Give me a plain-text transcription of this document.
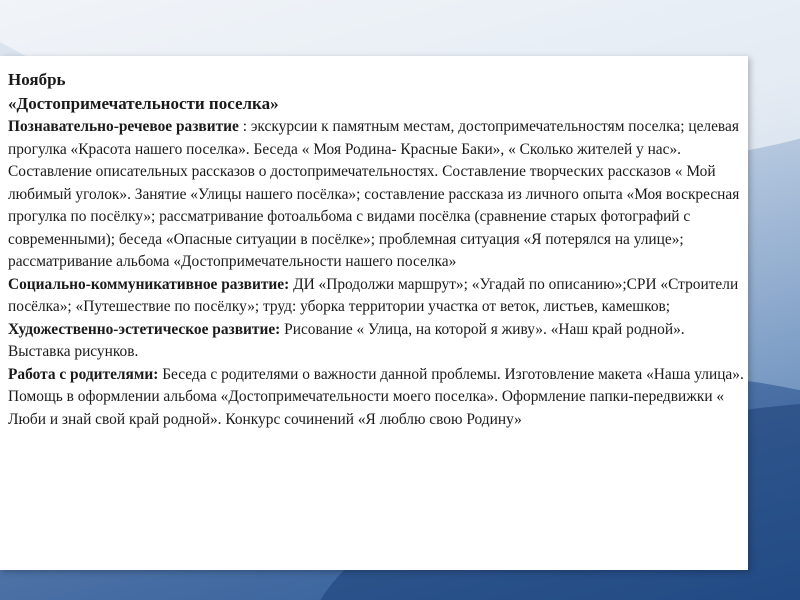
Ноябрь

«Достопримечательности поселка»

Познавательно-речевое развитие : экскурсии к памятным местам, достопримечательностям поселка; целевая прогулка «Красота нашего поселка». Беседа « Моя Родина- Красные Баки», « Сколько жителей у нас». Составление описательных рассказов о достопримечательностях. Составление творческих рассказов « Мой любимый уголок». Занятие «Улицы нашего посёлка»; составление рассказа из личного опыта «Моя воскресная прогулка по посёлку»; рассматривание фотоальбома с видами посёлка (сравнение старых фотографий с современными); беседа «Опасные ситуации в посёлке»; проблемная ситуация «Я потерялся на улице»; рассматривание альбома «Достопримечательности нашего поселка»

Социально-коммуникативное развитие: ДИ «Продолжи маршрут»; «Угадай по описанию»;СРИ «Строители посёлка»; «Путешествие по посёлку»; труд: уборка территории участка от веток, листьев, камешков;

Художественно-эстетическое развитие: Рисование « Улица, на которой я живу». «Наш край родной». Выставка рисунков.

Работа с родителями: Беседа с родителями о важности данной проблемы. Изготовление макета «Наша улица». Помощь в оформлении альбома «Достопримечательности моего поселка». Оформление папки-передвижки « Люби и знай свой край родной». Конкурс сочинений «Я люблю свою Родину»
